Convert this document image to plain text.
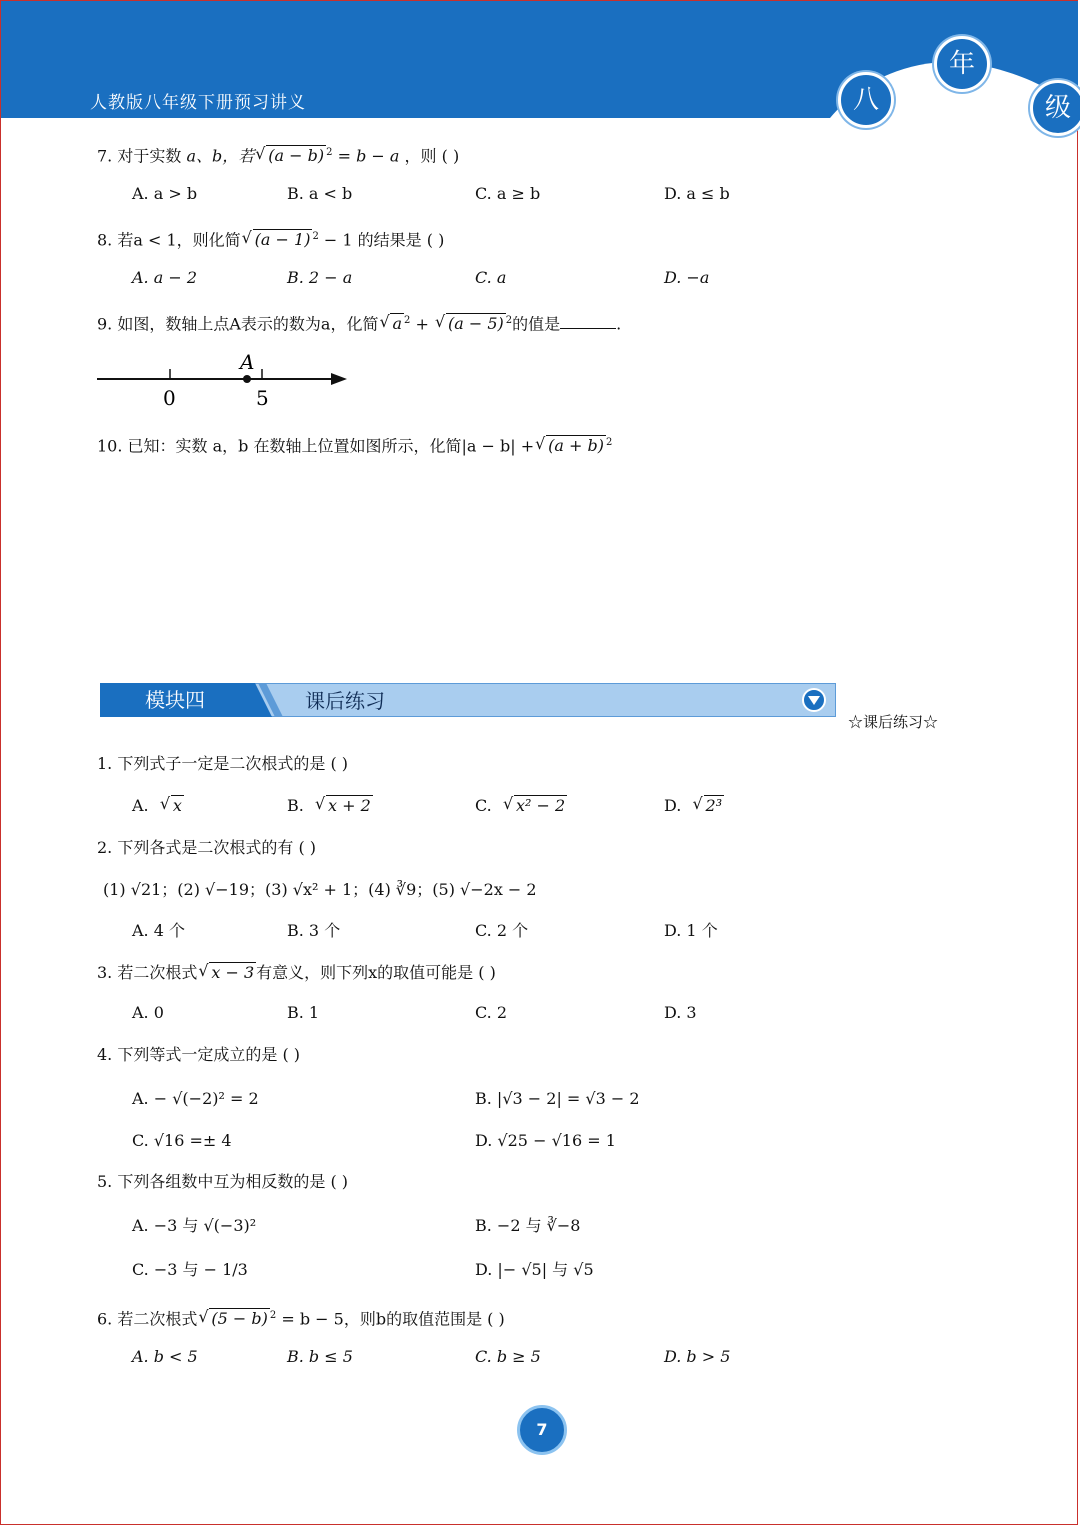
人教版八年级下册预习讲义	八
年
级
7. 对于实数 a、b，若 √ (a − b) $^2$ = b − a ，则 ( )
A. a > b	B. a < b	C. a ≥ b	D. a ≤ b
8. 若a < 1，则化简 √ (a − 1) $^2$ − 1 的结果是 ( )
A. a − 2	B. 2 − a	C. a	D. −a
9. 如图，数轴上点A表示的数为a，化简 √ a $^2$ + √ (a − 5) $^2$的值是	.
A
0	5
10. 已知：实数 a，b 在数轴上位置如图所示，化简|a − b| + √ (a + b) $^2$
模块四	课后练习
☆课后练习☆
1. 下列式子一定是二次根式的是 ( )
A. √ x	B. √ x + 2	C. √ x² − 2	D. √ 2³
2. 下列各式是二次根式的有 ( )
(1) √21；(2) √−19；(3) √x² + 1；(4) ∛9；(5) √−2x − 2
A. 4 个	B. 3 个	C. 2 个	D. 1 个
3. 若二次根式 √ x − 3 有意义，则下列x的取值可能是 ( )
A. 0	B. 1	C. 2	D. 3
4. 下列等式一定成立的是 ( )
A. − √(−2)² = 2	B. |√3 − 2| = √3 − 2
C. √16 =± 4	D. √25 − √16 = 1
5. 下列各组数中互为相反数的是 ( )
A. −3 与 √(−3)²	B. −2 与 ∛−8
C. −3 与 − 1/3	D. |− √5| 与 √5
6. 若二次根式 √ (5 − b) $^2$ = b − 5，则b的取值范围是 ( )
A. b < 5	B. b ≤ 5	C. b ≥ 5	D. b > 5
7
